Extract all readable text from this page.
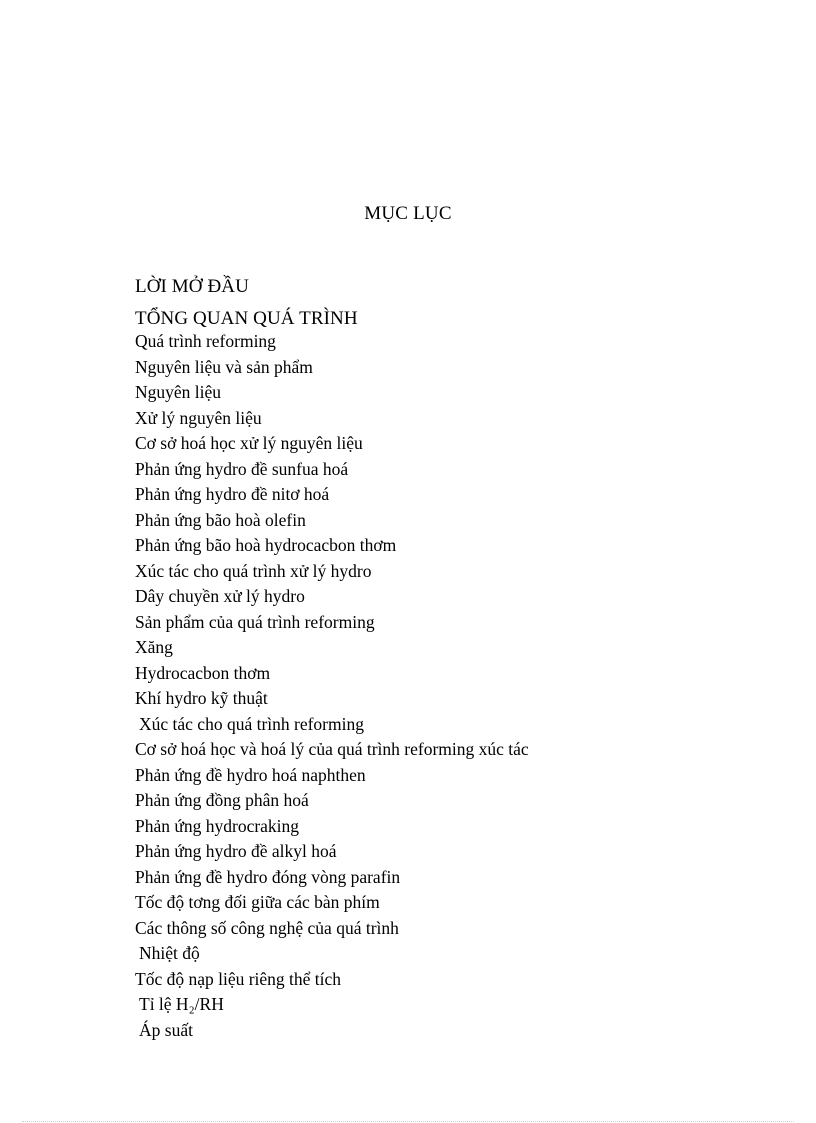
MỤC LỤC
LỜI MỞ ĐẦU
TỔNG QUAN QUÁ TRÌNH
Quá trình reforming
Nguyên liệu và sản phẩm
Nguyên liệu
Xử lý nguyên liệu
Cơ sở hoá học xử lý nguyên liệu
Phản ứng hydro đề sunfua hoá
Phản ứng hydro đề nitơ hoá
Phản ứng bão hoà olefin
Phản ứng bão hoà hydrocacbon thơm
Xúc tác cho quá trình xử lý hydro
Dây chuyền xử lý hydro
Sản phẩm của quá trình reforming
Xăng
Hydrocacbon thơm
Khí hydro kỹ thuật
Xúc tác cho quá trình reforming
Cơ sở hoá học và hoá lý của quá trình reforming xúc tác
Phản ứng đề hydro hoá naphthen
Phản ứng đồng phân hoá
Phản ứng hydrocraking
Phản ứng hydro đề alkyl hoá
Phản ứng đề hydro đóng vòng parafin
Tốc độ tơng đối giữa các bàn phím
Các thông số công nghệ của quá trình
Nhiệt độ
Tốc độ nạp liệu riêng thể tích
Tỉ lệ H₂/RH
Áp suất
